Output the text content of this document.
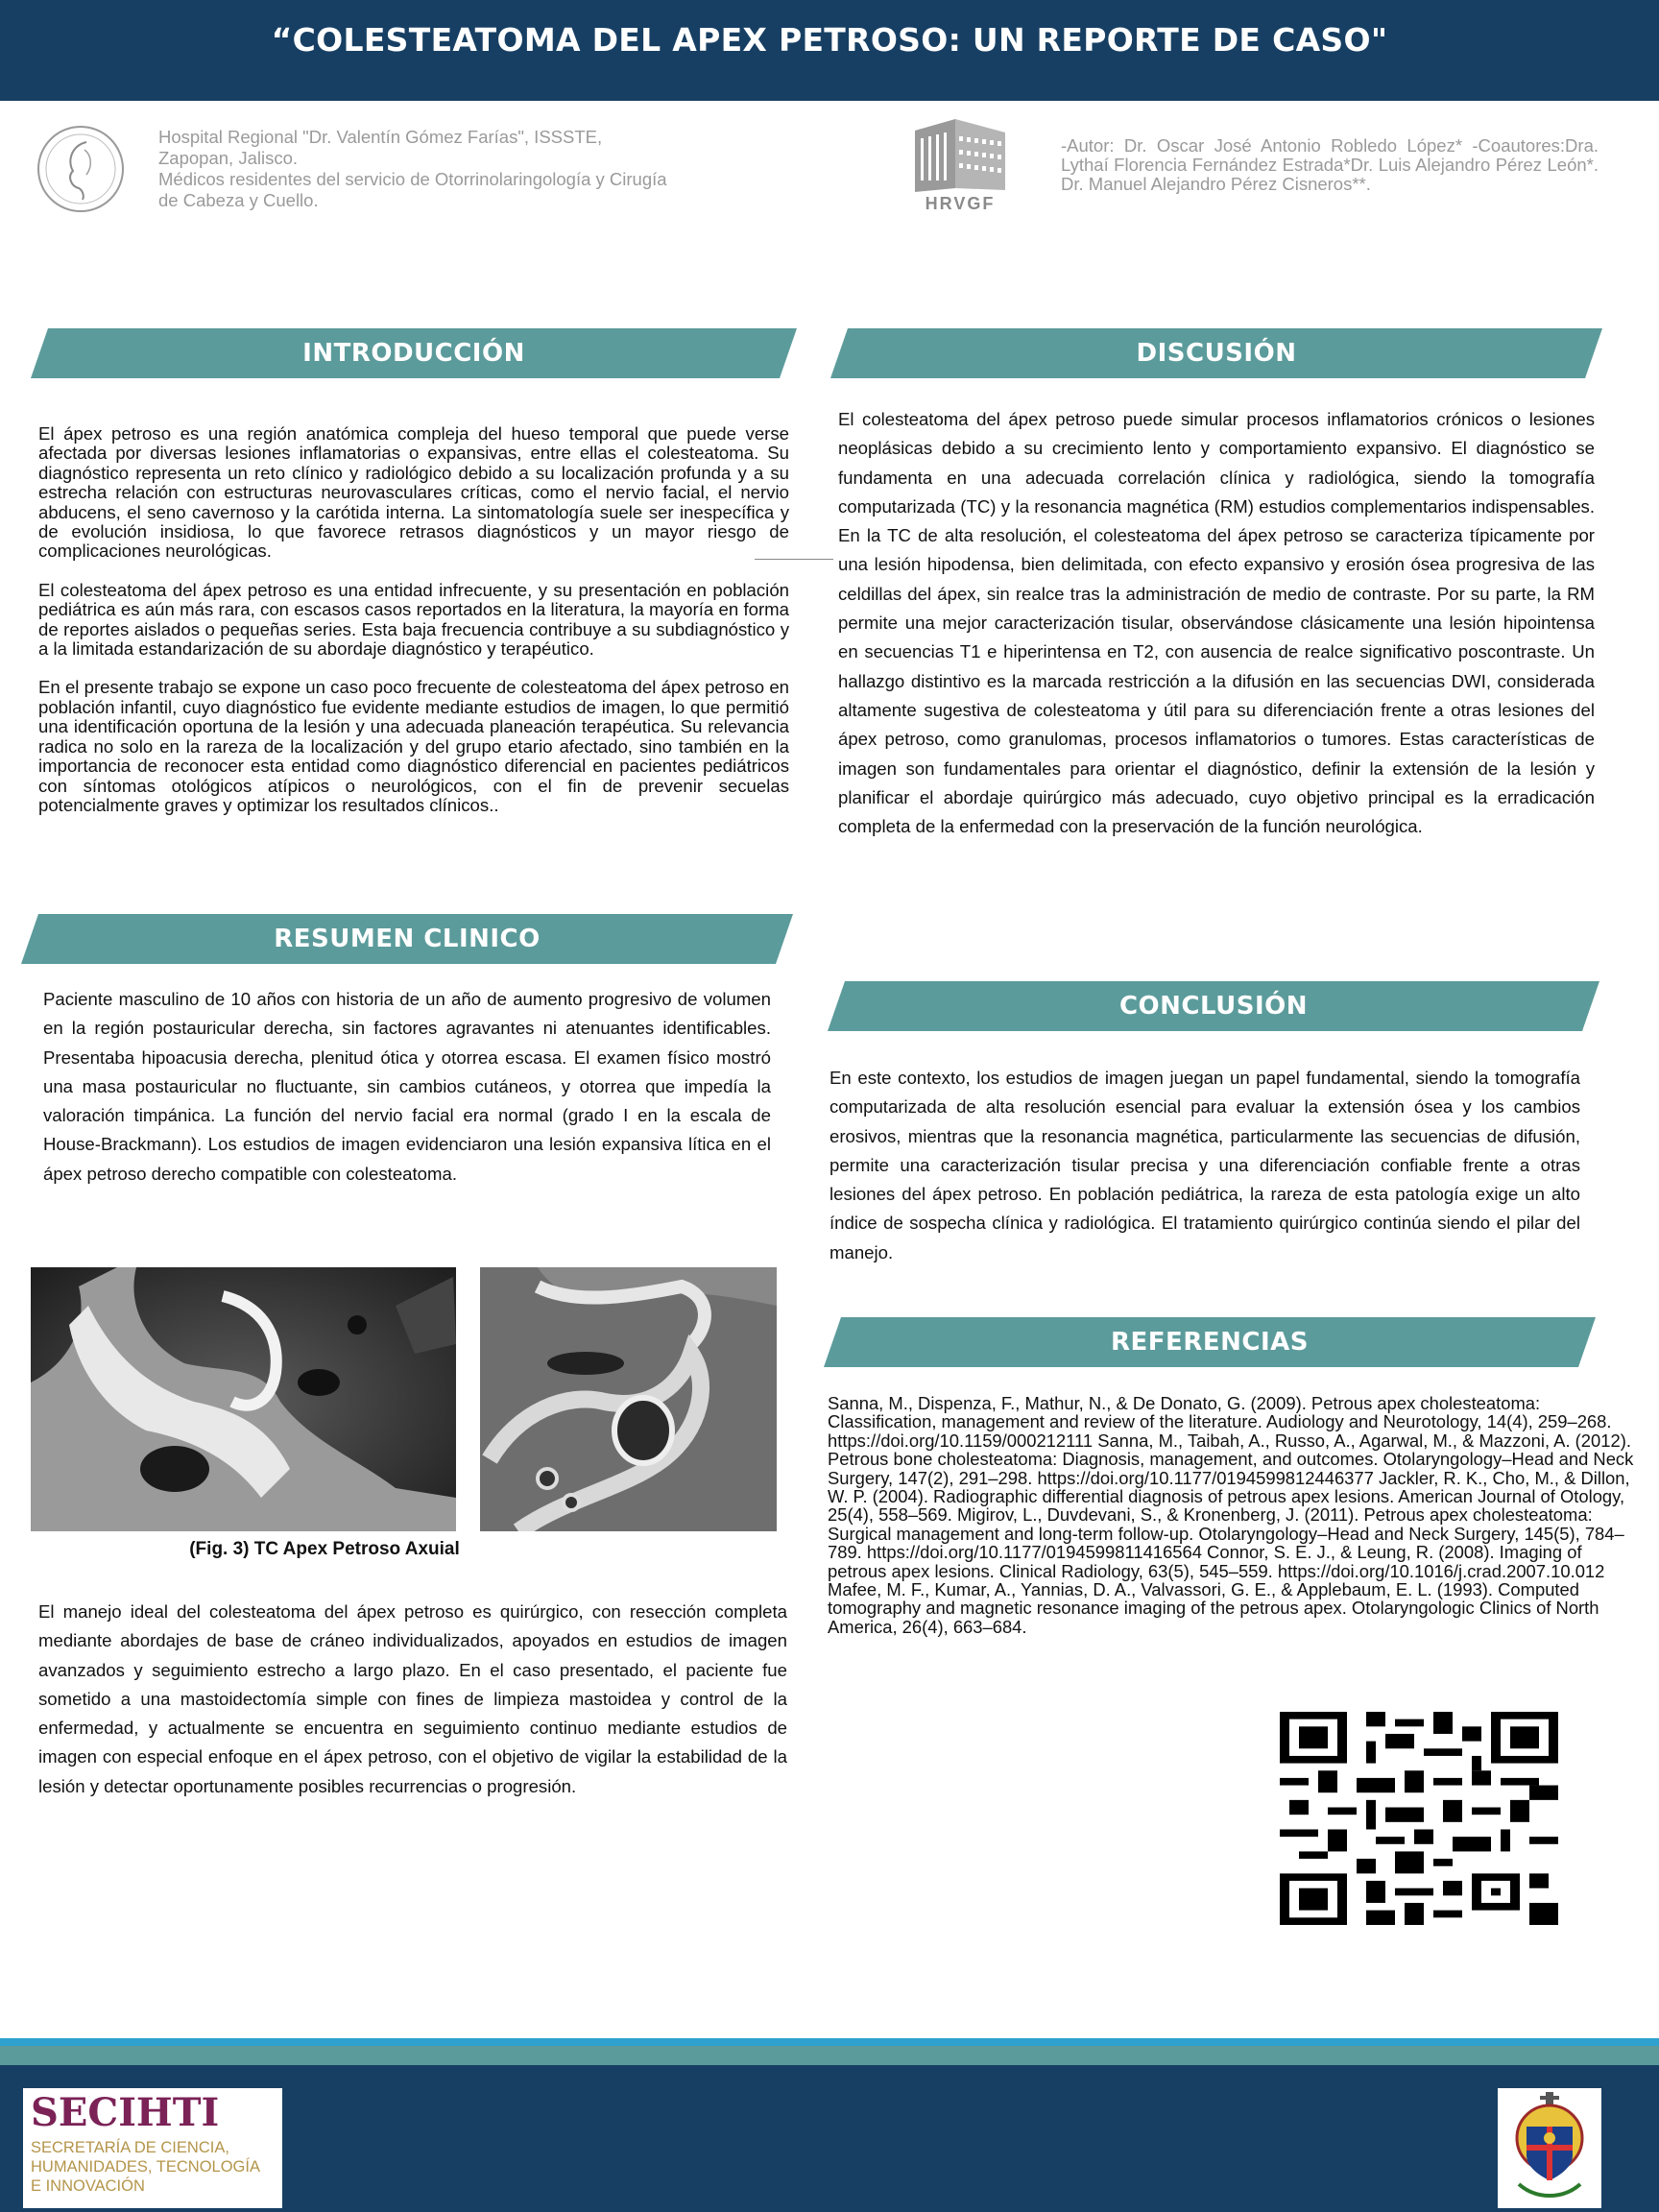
“COLESTEATOMA DEL APEX PETROSO: UN REPORTE DE CASO"
Hospital Regional "Dr. Valentín Gómez Farías", ISSSTE,
Zapopan, Jalisco.
Médicos residentes del servicio de Otorrinolaringología y Cirugía
de Cabeza y Cuello.	HRVGF
-Autor: Dr. Oscar José Antonio Robledo López* -Coautores:Dra. Lythaí Florencia Fernández Estrada*Dr. Luis Alejandro Pérez León*. Dr. Manuel Alejandro Pérez Cisneros**.
INTRODUCCIÓN

El ápex petroso es una región anatómica compleja del hueso temporal que puede verse afectada por diversas lesiones inflamatorias o expansivas, entre ellas el colesteatoma. Su diagnóstico representa un reto clínico y radiológico debido a su localización profunda y a su estrecha relación con estructuras neurovasculares críticas, como el nervio facial, el nervio abducens, el seno cavernoso y la carótida interna. La sintomatología suele ser inespecífica y de evolución insidiosa, lo que favorece retrasos diagnósticos y un mayor riesgo de complicaciones neurológicas.

El colesteatoma del ápex petroso es una entidad infrecuente, y su presentación en población pediátrica es aún más rara, con escasos casos reportados en la literatura, la mayoría en forma de reportes aislados o pequeñas series. Esta baja frecuencia contribuye a su subdiagnóstico y a la limitada estandarización de su abordaje diagnóstico y terapéutico.

En el presente trabajo se expone un caso poco frecuente de colesteatoma del ápex petroso en población infantil, cuyo diagnóstico fue evidente mediante estudios de imagen, lo que permitió una identificación oportuna de la lesión y una adecuada planeación terapéutica. Su relevancia radica no solo en la rareza de la localización y del grupo etario afectado, sino también en la importancia de reconocer esta entidad como diagnóstico diferencial en pacientes pediátricos con síntomas otológicos atípicos o neurológicos, con el fin de prevenir secuelas potencialmente graves y optimizar los resultados clínicos..

RESUMEN CLINICO
Paciente masculino de 10 años con historia de un año de aumento progresivo de volumen en la región postauricular derecha, sin factores agravantes ni atenuantes identificables. Presentaba hipoacusia derecha, plenitud ótica y otorrea escasa. El examen físico mostró una masa postauricular no fluctuante, sin cambios cutáneos, y otorrea que impedía la valoración timpánica. La función del nervio facial era normal (grado I en la escala de House-Brackmann). Los estudios de imagen evidenciaron una lesión expansiva lítica en el ápex petroso derecho compatible con colesteatoma.
(Fig. 3) TC Apex Petroso Axuial
El manejo ideal del colesteatoma del ápex petroso es quirúrgico, con resección completa mediante abordajes de base de cráneo individualizados, apoyados en estudios de imagen avanzados y seguimiento estrecho a largo plazo. En el caso presentado, el paciente fue sometido a una mastoidectomía simple con fines de limpieza mastoidea y control de la enfermedad, y actualmente se encuentra en seguimiento continuo mediante estudios de imagen con especial enfoque en el ápex petroso, con el objetivo de vigilar la estabilidad de la lesión y detectar oportunamente posibles recurrencias o progresión.
DISCUSIÓN
El colesteatoma del ápex petroso puede simular procesos inflamatorios crónicos o lesiones neoplásicas debido a su crecimiento lento y comportamiento expansivo. El diagnóstico se fundamenta en una adecuada correlación clínica y radiológica, siendo la tomografía computarizada (TC) y la resonancia magnética (RM) estudios complementarios indispensables. En la TC de alta resolución, el colesteatoma del ápex petroso se caracteriza típicamente por una lesión hipodensa, bien delimitada, con efecto expansivo y erosión ósea progresiva de las celdillas del ápex, sin realce tras la administración de medio de contraste. Por su parte, la RM permite una mejor caracterización tisular, observándose clásicamente una lesión hipointensa en secuencias T1 e hiperintensa en T2, con ausencia de realce significativo poscontraste. Un hallazgo distintivo es la marcada restricción a la difusión en las secuencias DWI, considerada altamente sugestiva de colesteatoma y útil para su diferenciación frente a otras lesiones del ápex petroso, como granulomas, procesos inflamatorios o tumores. Estas características de imagen son fundamentales para orientar el diagnóstico, definir la extensión de la lesión y planificar el abordaje quirúrgico más adecuado, cuyo objetivo principal es la erradicación completa de la enfermedad con la preservación de la función neurológica.
CONCLUSIÓN
En este contexto, los estudios de imagen juegan un papel fundamental, siendo la tomografía computarizada de alta resolución esencial para evaluar la extensión ósea y los cambios erosivos, mientras que la resonancia magnética, particularmente las secuencias de difusión, permite una caracterización tisular precisa y una diferenciación confiable frente a otras lesiones del ápex petroso. En población pediátrica, la rareza de esta patología exige un alto índice de sospecha clínica y radiológica. El tratamiento quirúrgico continúa siendo el pilar del manejo.
REFERENCIAS
Sanna, M., Dispenza, F., Mathur, N., & De Donato, G. (2009). Petrous apex cholesteatoma: Classification, management and review of the literature. Audiology and Neurotology, 14(4), 259–268. https://doi.org/10.1159/000212111 Sanna, M., Taibah, A., Russo, A., Agarwal, M., & Mazzoni, A. (2012). Petrous bone cholesteatoma: Diagnosis, management, and outcomes. Otolaryngology–Head and Neck Surgery, 147(2), 291–298. https://doi.org/10.1177/0194599812446377 Jackler, R. K., Cho, M., & Dillon, W. P. (2004). Radiographic differential diagnosis of petrous apex lesions. American Journal of Otology, 25(4), 558–569. Migirov, L., Duvdevani, S., & Kronenberg, J. (2011). Petrous apex cholesteatoma: Surgical management and long-term follow-up. Otolaryngology–Head and Neck Surgery, 145(5), 784–789. https://doi.org/10.1177/0194599811416564 Connor, S. E. J., & Leung, R. (2008). Imaging of petrous apex lesions. Clinical Radiology, 63(5), 545–559. https://doi.org/10.1016/j.crad.2007.10.012 Mafee, M. F., Kumar, A., Yannias, D. A., Valvassori, G. E., & Applebaum, E. L. (1993). Computed tomography and magnetic resonance imaging of the petrous apex. Otolaryngologic Clinics of North America, 26(4), 663–684.
SECIHTI
SECRETARÍA DE CIENCIA,
HUMANIDADES, TECNOLOGÍA
E INNOVACIÓN
